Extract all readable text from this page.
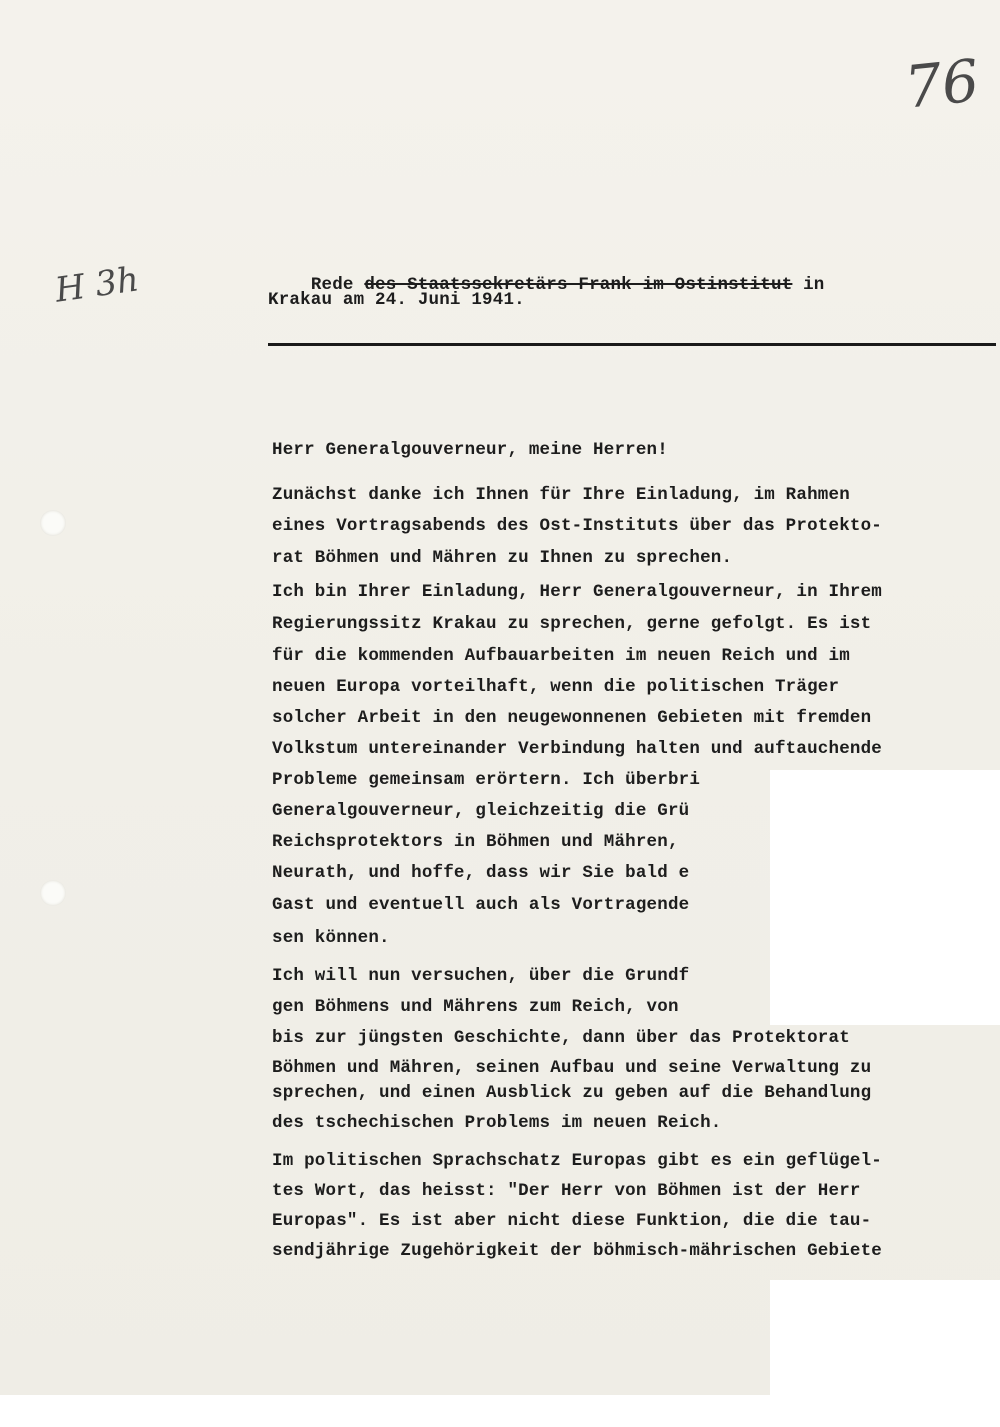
76
H 3h	Rede des Staatssekretärs Frank im Ostinstitut in

Krakau am 24. Juni 1941.
Herr Generalgouverneur, meine Herren!
Zunächst danke ich Ihnen für Ihre Einladung, im Rahmen
eines Vortragsabends des Ost-Instituts über das Protekto-
rat Böhmen und Mähren zu Ihnen zu sprechen.
Ich bin Ihrer Einladung, Herr Generalgouverneur, in Ihrem
Regierungssitz Krakau zu sprechen, gerne gefolgt. Es ist
für die kommenden Aufbauarbeiten im neuen Reich und im
neuen Europa vorteilhaft, wenn die politischen Träger
solcher Arbeit in den neugewonnenen Gebieten mit fremden
Volkstum untereinander Verbindung halten und auftauchende
Probleme gemeinsam erörtern. Ich überbri
Generalgouverneur, gleichzeitig die Grü
Reichsprotektors in Böhmen und Mähren,
Neurath, und hoffe, dass wir Sie bald e
Gast und eventuell auch als Vortragende
sen können.
Ich will nun versuchen, über die Grundf
gen Böhmens und Mährens zum Reich, von
bis zur jüngsten Geschichte, dann über das Protektorat
Böhmen und Mähren, seinen Aufbau und seine Verwaltung zu
sprechen, und einen Ausblick zu geben auf die Behandlung
des tschechischen Problems im neuen Reich.
Im politischen Sprachschatz Europas gibt es ein geflügel-
tes Wort, das heisst: "Der Herr von Böhmen ist der Herr
Europas". Es ist aber nicht diese Funktion, die die tau-
sendjährige Zugehörigkeit der böhmisch-mährischen Gebiete
